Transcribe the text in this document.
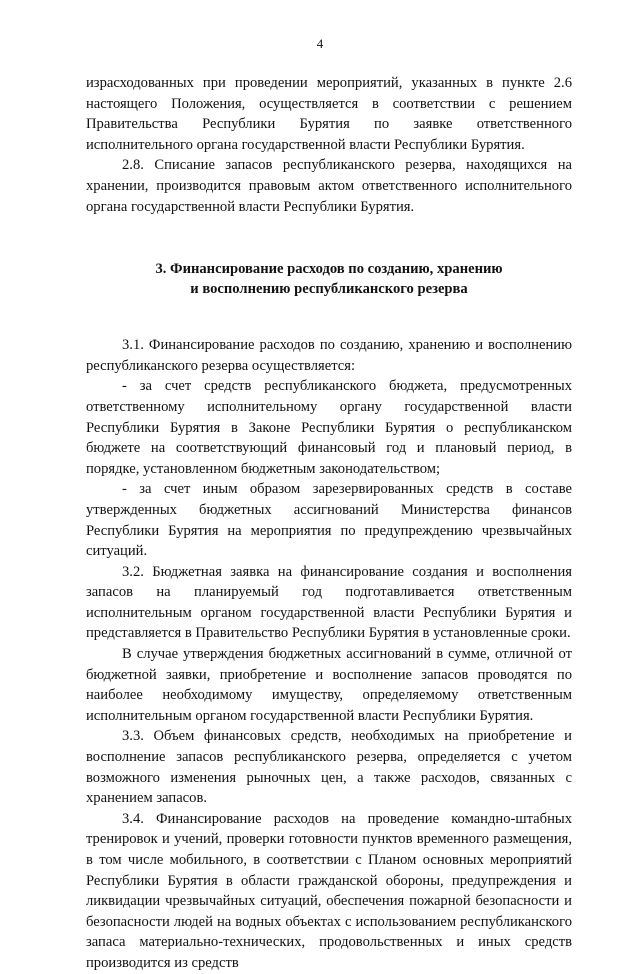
4

израсходованных при проведении мероприятий, указанных в пункте 2.6 настоящего Положения, осуществляется в соответствии с решением Правительства Республики Бурятия по заявке ответственного исполнительного органа государственной власти Республики Бурятия.

2.8. Списание запасов республиканского резерва, находящихся на хранении, производится правовым актом ответственного исполнительного органа государственной власти Республики Бурятия.

3. Финансирование расходов по созданию, хранению
и восполнению республиканского резерва

3.1. Финансирование расходов по созданию, хранению и восполнению республиканского резерва осуществляется:

- за счет средств республиканского бюджета, предусмотренных ответственному исполнительному органу государственной власти Республики Бурятия в Законе Республики Бурятия о республиканском бюджете на соответствующий финансовый год и плановый период, в порядке, установленном бюджетным законодательством;

- за счет иным образом зарезервированных средств в составе утвержденных бюджетных ассигнований Министерства финансов Республики Бурятия на мероприятия по предупреждению чрезвычайных ситуаций.

3.2. Бюджетная заявка на финансирование создания и восполнения запасов на планируемый год подготавливается ответственным исполнительным органом государственной власти Республики Бурятия и представляется в Правительство Республики Бурятия в установленные сроки.

В случае утверждения бюджетных ассигнований в сумме, отличной от бюджетной заявки, приобретение и восполнение запасов проводятся по наиболее необходимому имуществу, определяемому ответственным исполнительным органом государственной власти Республики Бурятия.

3.3. Объем финансовых средств, необходимых на приобретение и восполнение запасов республиканского резерва, определяется с учетом возможного изменения рыночных цен, а также расходов, связанных с хранением запасов.

3.4. Финансирование расходов на проведение командно-штабных тренировок и учений, проверки готовности пунктов временного размещения, в том числе мобильного, в соответствии с Планом основных мероприятий Республики Бурятия в области гражданской обороны, предупреждения и ликвидации чрезвычайных ситуаций, обеспечения пожарной безопасности и безопасности людей на водных объектах с использованием республиканского запаса материально-технических, продовольственных и иных средств производится из средств
